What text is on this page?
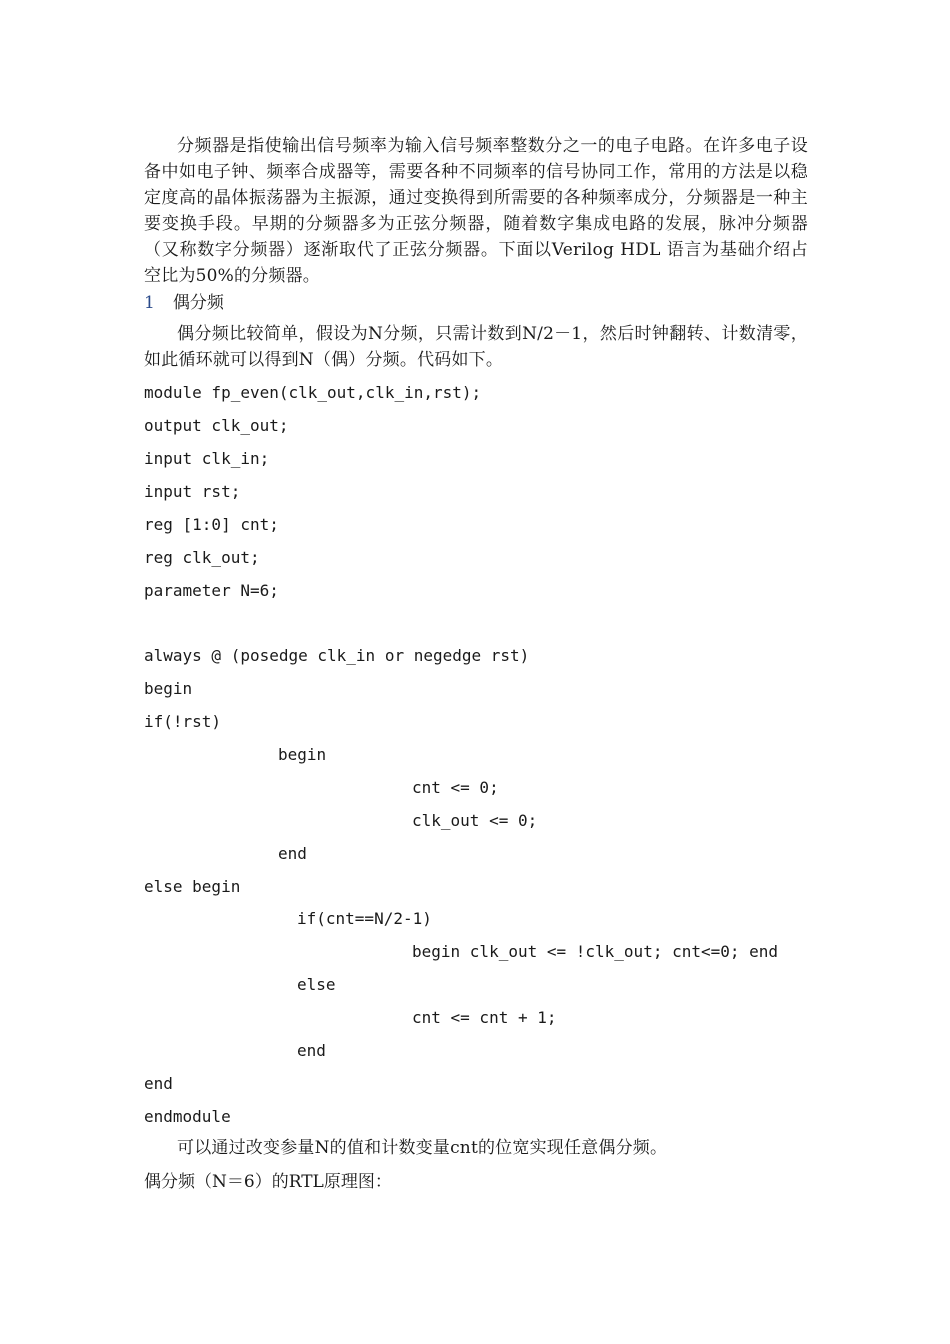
分频器是指使输出信号频率为输入信号频率整数分之一的电子电路。在许多电子设备中如电子钟、频率合成器等，需要各种不同频率的信号协同工作，常用的方法是以稳定度高的晶体振荡器为主振源，通过变换得到所需要的各种频率成分，分频器是一种主要变换手段。早期的分频器多为正弦分频器，随着数字集成电路的发展，脉冲分频器（又称数字分频器）逐渐取代了正弦分频器。下面以Verilog HDL 语言为基础介绍占空比为50%的分频器。

1 偶分频

偶分频比较简单，假设为N分频，只需计数到N/2－1，然后时钟翻转、计数清零，如此循环就可以得到N（偶）分频。代码如下。

module fp_even(clk_out,clk_in,rst);

output clk_out;

input clk_in;

input rst;

reg [1:0] cnt;

reg clk_out;

parameter N=6;

always @ (posedge clk_in or negedge rst)

begin

if(!rst)

begin

cnt <= 0;

clk_out <= 0;

end

else begin

if(cnt==N/2-1)

begin clk_out <= !clk_out; cnt<=0; end

else

cnt <= cnt + 1;

end

end

endmodule

可以通过改变参量N的值和计数变量cnt的位宽实现任意偶分频。

偶分频（N＝6）的RTL原理图：
